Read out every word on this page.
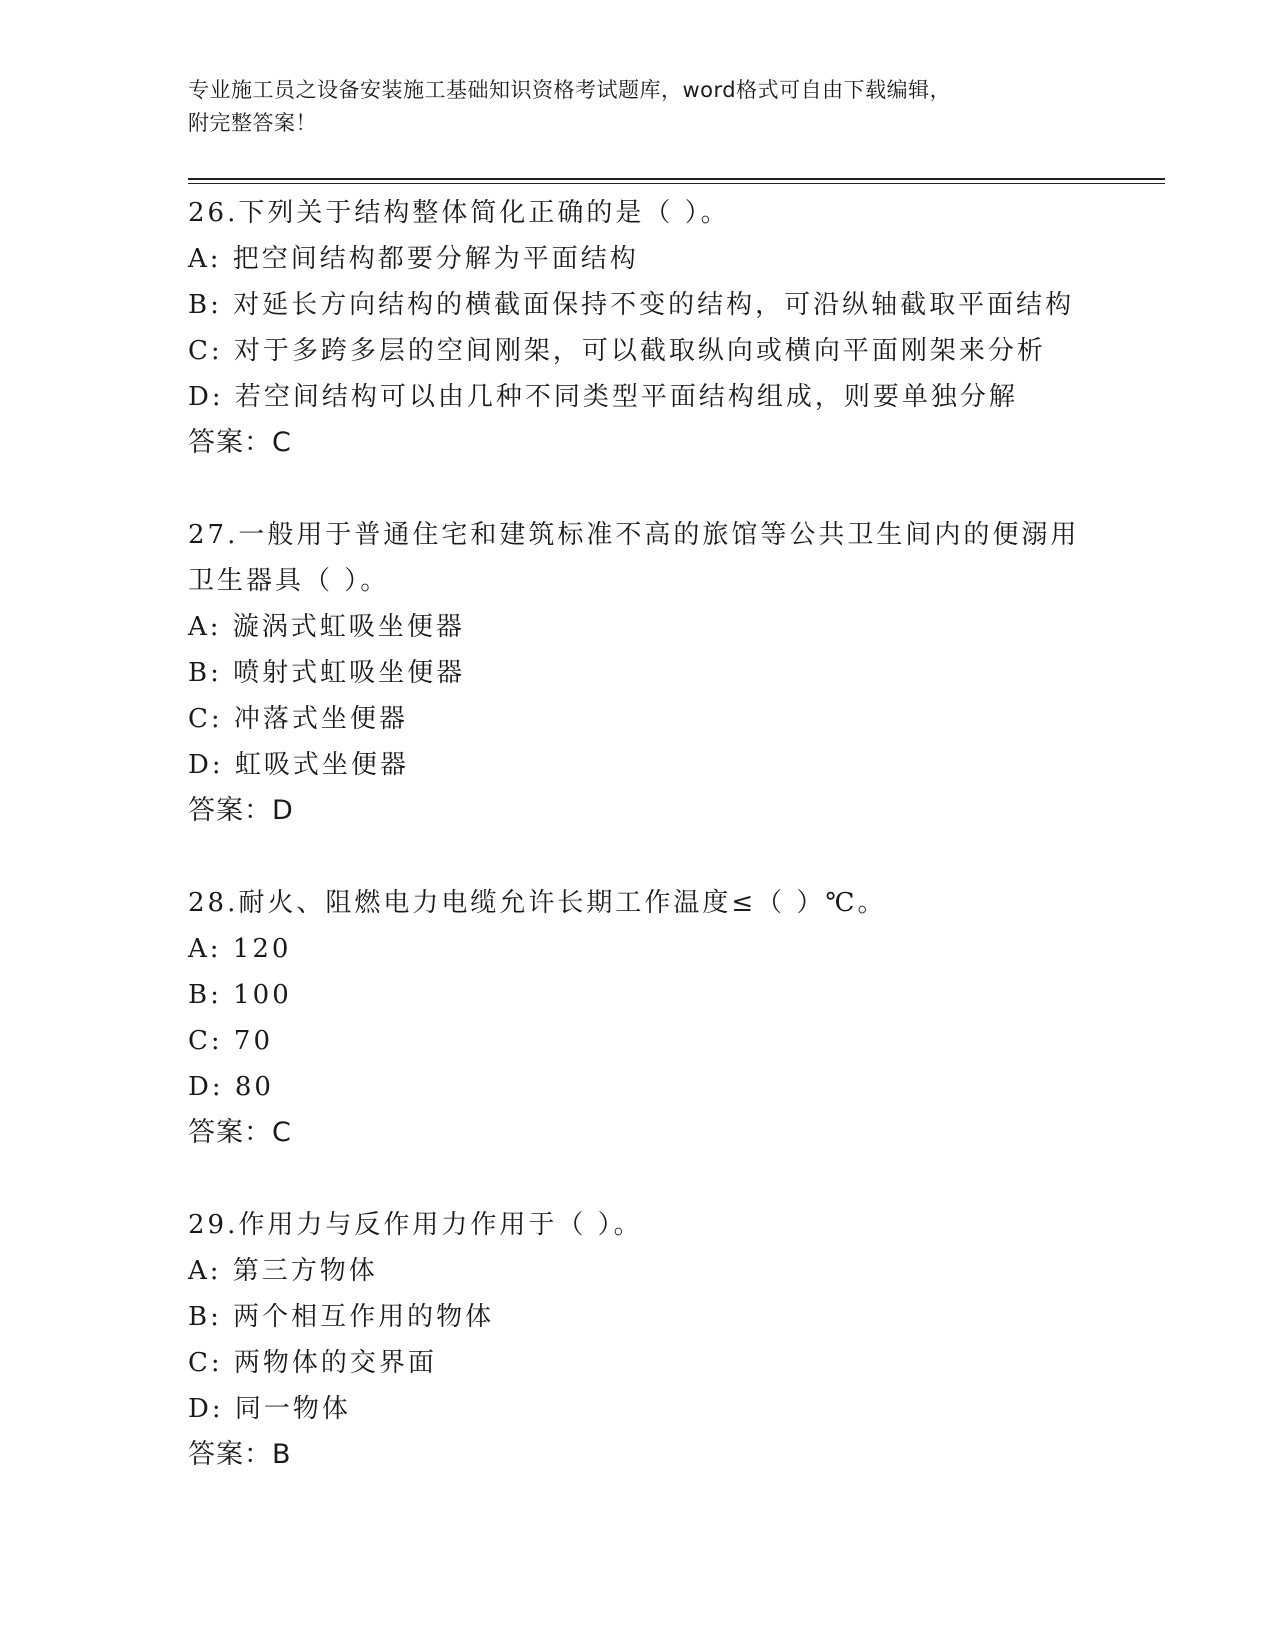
专业施工员之设备安装施工基础知识资格考试题库，word格式可自由下载编辑，
附完整答案！
26.下列关于结构整体简化正确的是（ ）。
A: 把空间结构都要分解为平面结构
B: 对延长方向结构的横截面保持不变的结构，可沿纵轴截取平面结构
C: 对于多跨多层的空间刚架，可以截取纵向或横向平面刚架来分析
D: 若空间结构可以由几种不同类型平面结构组成，则要单独分解
答案：C
27.一般用于普通住宅和建筑标准不高的旅馆等公共卫生间内的便溺用
卫生器具（ ）。
A: 漩涡式虹吸坐便器
B: 喷射式虹吸坐便器
C: 冲落式坐便器
D: 虹吸式坐便器
答案：D
28.耐火、阻燃电力电缆允许长期工作温度≤（ ）℃。
A: 120
B: 100
C: 70
D: 80
答案：C
29.作用力与反作用力作用于（ ）。
A: 第三方物体
B: 两个相互作用的物体
C: 两物体的交界面
D: 同一物体
答案：B
